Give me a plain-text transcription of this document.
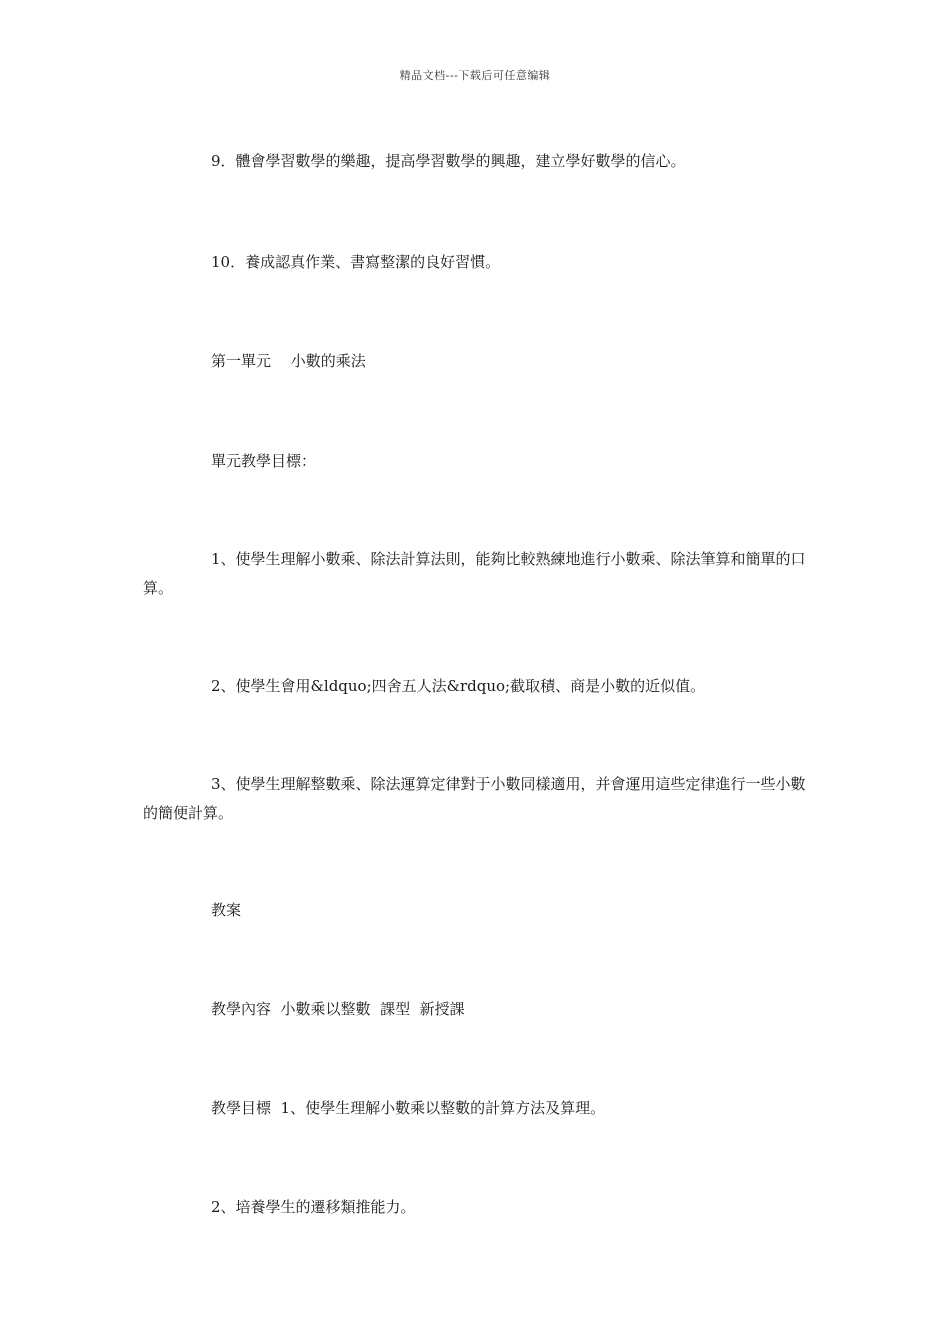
精品文档---下载后可任意编辑
9．體會學習數學的樂趣，提高學習數學的興趣，建立學好數學的信心。
10．養成認真作業、書寫整潔的良好習慣。
第一單元　 小數的乘法
單元教學目標：
1、使學生理解小數乘、除法計算法則，能夠比較熟練地進行小數乘、除法筆算和簡單的口算。
2、使學生會用&ldquo;四舍五人法&rdquo;截取積、商是小數的近似值。
3、使學生理解整數乘、除法運算定律對于小數同樣適用，并會運用這些定律進行一些小數的簡便計算。
教案
教學內容  小數乘以整數  課型  新授課
教學目標  1、使學生理解小數乘以整數的計算方法及算理。
2、培養學生的遷移類推能力。
